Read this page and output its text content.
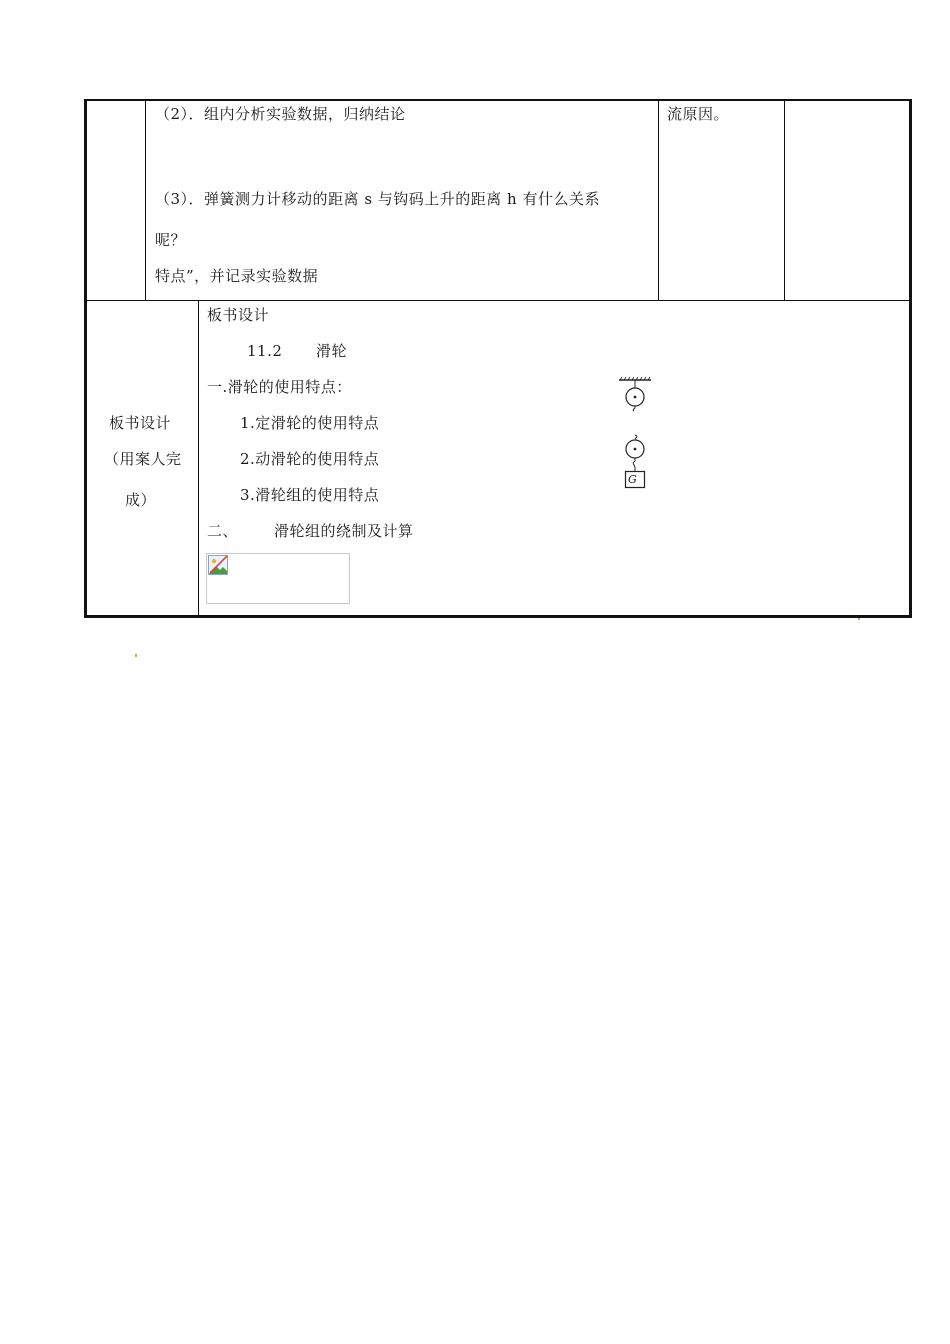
（2）．组内分析实验数据，归纳结论
（3）．弹簧测力计移动的距离 s 与钩码上升的距离 h 有什么关系
呢？
特点”，并记录实验数据
流原因。
板书设计
（用案人完
成）
板书设计
11.2 滑轮
一.滑轮的使用特点：
1.定滑轮的使用特点
2.动滑轮的使用特点
3.滑轮组的使用特点
二、 滑轮组的绕制及计算
G
